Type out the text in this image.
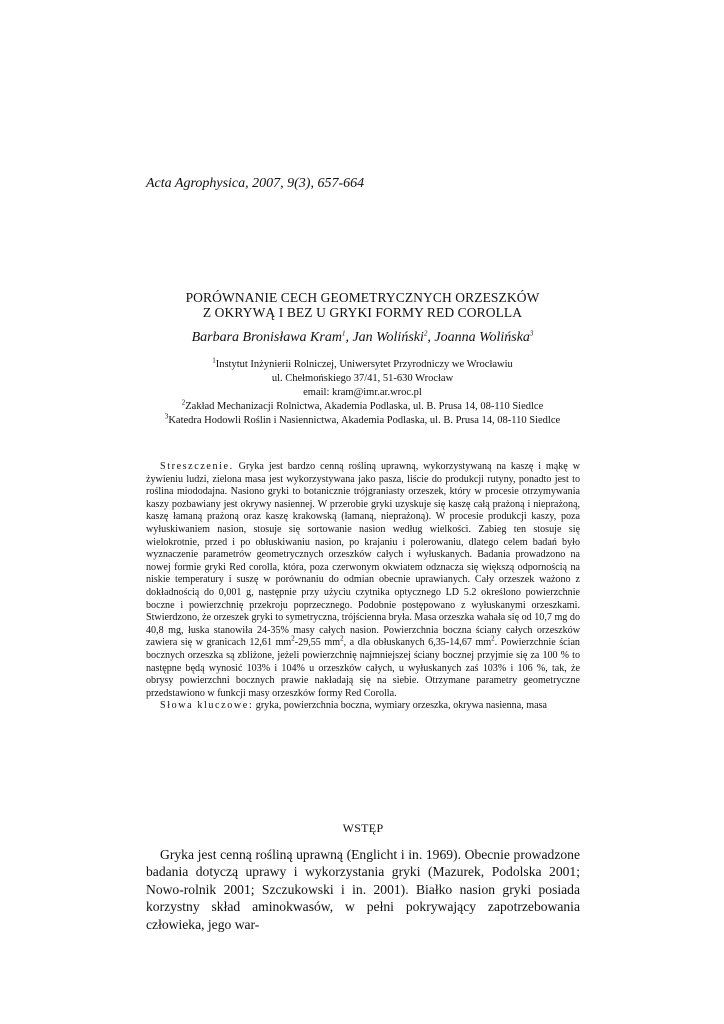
Acta Agrophysica, 2007, 9(3), 657-664
PORÓWNANIE CECH GEOMETRYCZNYCH ORZESZKÓW
Z OKRYWĄ I BEZ U GRYKI FORMY RED COROLLA
Barbara Bronisława Kram$^1$, Jan Woliński$^2$, Joanna Wolińska$^3$
$^1$Instytut Inżynierii Rolniczej, Uniwersytet Przyrodniczy we Wrocławiu
ul. Chełmońskiego 37/41, 51-630 Wrocław
email: kram@imr.ar.wroc.pl
$^2$Zakład Mechanizacji Rolnictwa, Akademia Podlaska, ul. B. Prusa 14, 08-110 Siedlce
$^3$Katedra Hodowli Roślin i Nasiennictwa, Akademia Podlaska, ul. B. Prusa 14, 08-110 Siedlce

Streszczenie. Gryka jest bardzo cenną rośliną uprawną, wykorzystywaną na kaszę i mąkę w żywieniu ludzi, zielona masa jest wykorzystywana jako pasza, liście do produkcji rutyny, ponadto jest to roślina miododajna. Nasiono gryki to botanicznie trójgraniasty orzeszek, który w procesie otrzymywania kaszy pozbawiany jest okrywy nasiennej. W przerobie gryki uzyskuje się kaszę całą prażoną i nieprażoną, kaszę łamaną prażoną oraz kaszę krakowską (łamaną, nieprażoną). W procesie produkcji kaszy, poza wyłuskiwaniem nasion, stosuje się sortowanie nasion według wielkości. Zabieg ten stosuje się wielokrotnie, przed i po obłuskiwaniu nasion, po krajaniu i polerowaniu, dlatego celem badań było wyznaczenie parametrów geometrycznych orzeszków całych i wyłuskanych. Badania prowadzono na nowej formie gryki Red corolla, która, poza czerwonym okwiatem odznacza się większą odpornością na niskie temperatury i suszę w porównaniu do odmian obecnie uprawianych. Cały orzeszek ważono z dokładnością do 0,001 g, następnie przy użyciu czytnika optycznego LD 5.2 określono powierzchnie boczne i powierzchnię przekroju poprzecznego. Podobnie postępowano z wyłuskanymi orzeszkami. Stwierdzono, że orzeszek gryki to symetryczna, trójścienna bryła. Masa orzeszka wahała się od 10,7 mg do 40,8 mg, łuska stanowiła 24-35% masy całych nasion. Powierzchnia boczna ściany całych orzeszków zawiera się w granicach 12,61 $mm^2-29,55$ $mm^2$, a dla obłuskanych 6,35-14,67 $mm^2$. Powierzchnie ścian bocznych orzeszka są zbliżone, jeżeli powierzchnię najmniejszej ściany bocznej przyjmie się za 100 % to następne będą wynosić 103% i 104% u orzeszków całych, u wyłuskanych zaś 103% i 106 %, tak, że obrysy powierzchni bocznych prawie nakładają się na siebie. Otrzymane parametry geometryczne przedstawiono w funkcji masy orzeszków formy Red Corolla.

Słowa kluczowe: gryka, powierzchnia boczna, wymiary orzeszka, okrywa nasienna, masa

WSTĘP

Gryka jest cenną rośliną uprawną (Englicht i in. 1969). Obecnie prowadzone badania dotyczą uprawy i wykorzystania gryki (Mazurek, Podolska 2001; Nowo-rolnik 2001; Szczukowski i in. 2001). Białko nasion gryki posiada korzystny skład aminokwasów, w pełni pokrywający zapotrzebowania człowieka, jego war-
